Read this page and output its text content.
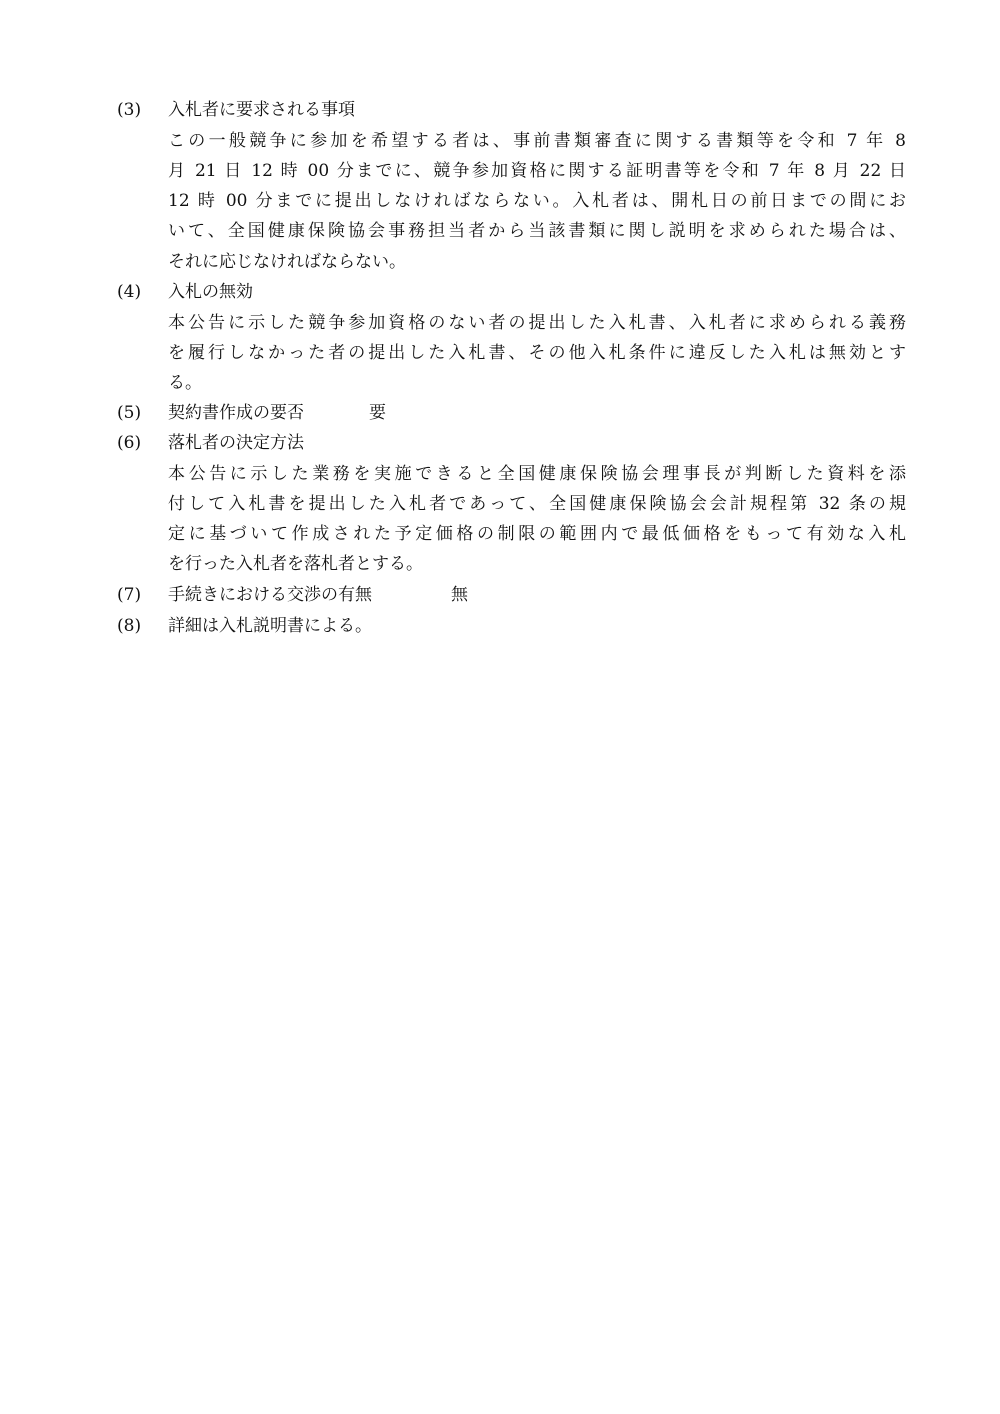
(3)	入札者に要求される事項
この一般競争に参加を希望する者は、事前書類審査に関する書類等を令和 7 年 8
月 21 日 12 時 00 分までに、競争参加資格に関する証明書等を令和 7 年 8 月 22 日
12 時 00 分までに提出しなければならない。入札者は、開札日の前日までの間にお
いて、全国健康保険協会事務担当者から当該書類に関し説明を求められた場合は、
それに応じなければならない。
(4)	入札の無効
本公告に示した競争参加資格のない者の提出した入札書、入札者に求められる義務
を履行しなかった者の提出した入札書、その他入札条件に違反した入札は無効とす
る。
(5)	契約書作成の要否	要
(6)	落札者の決定方法
本公告に示した業務を実施できると全国健康保険協会理事長が判断した資料を添
付して入札書を提出した入札者であって、全国健康保険協会会計規程第 32 条の規
定に基づいて作成された予定価格の制限の範囲内で最低価格をもって有効な入札
を行った入札者を落札者とする。
(7)	手続きにおける交渉の有無	無
(8)	詳細は入札説明書による。
